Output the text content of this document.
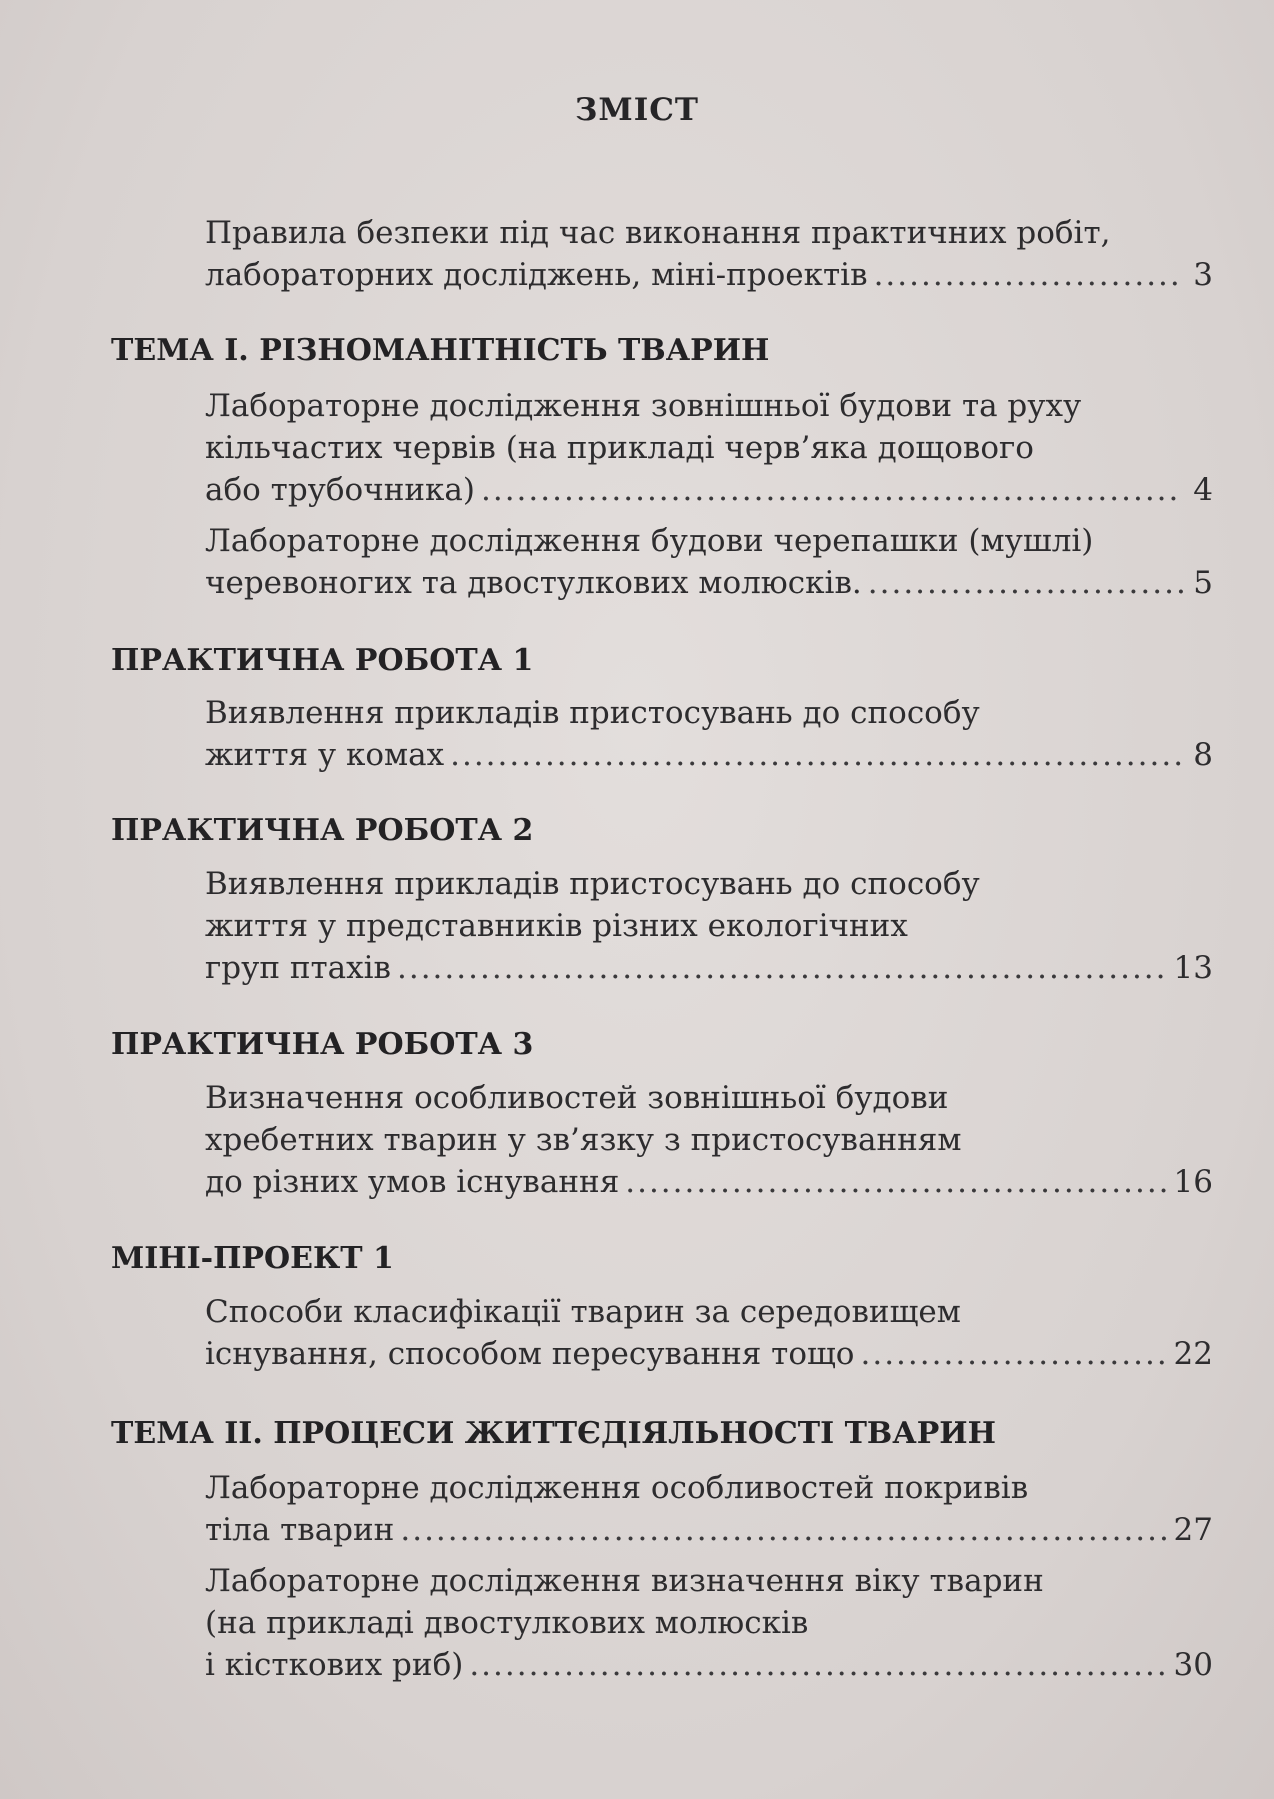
ЗМІСТ
Правила безпеки під час виконання практичних робіт,
лабораторних досліджень, міні-проектів .....	3
ТЕМА І. РІЗНОМАНІТНІСТЬ ТВАРИН
Лабораторне дослідження зовнішньої будови та руху
кільчастих червів (на прикладі черв’яка дощового
або трубочника) .....	4
Лабораторне дослідження будови черепашки (мушлі)
черевоногих та двостулкових молюсків. .....	5
ПРАКТИЧНА РОБОТА 1
Виявлення прикладів пристосувань до способу
життя у комах .....	8
ПРАКТИЧНА РОБОТА 2
Виявлення прикладів пристосувань до способу
життя у представників різних екологічних
груп птахів .....	13
ПРАКТИЧНА РОБОТА 3
Визначення особливостей зовнішньої будови
хребетних тварин у зв’язку з пристосуванням
до різних умов існування .....	16
МІНІ-ПРОЕКТ 1
Способи класифікації тварин за середовищем
існування, способом пересування тощо .....	22
ТЕМА ІІ. ПРОЦЕСИ ЖИТТЄДІЯЛЬНОСТІ ТВАРИН
Лабораторне дослідження особливостей покривів
тіла тварин .....	27
Лабораторне дослідження визначення віку тварин
(на прикладі двостулкових молюсків
і кісткових риб) .....	30
